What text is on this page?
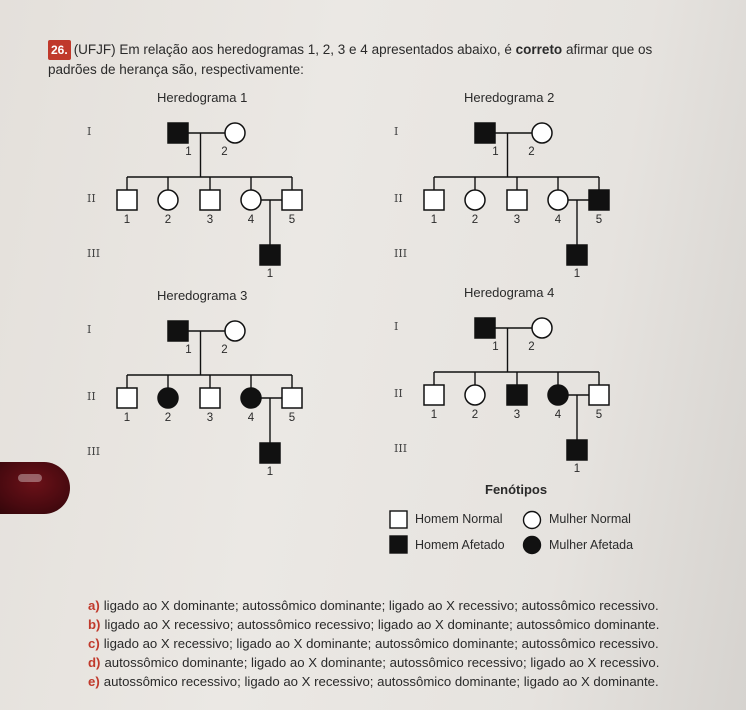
26. (UFJF) Em relação aos heredogramas 1, 2, 3 e 4 apresentados abaixo, é correto afirmar que os
padrões de herança são, respectivamente:
Heredograma 1
I
II
III
1	2
1	2	3	4	5
1
Heredograma 2
I
II
III
1	2
1	2	3	4	5
1
Heredograma 3
I
II
III
1	2
1	2	3	4	5
1
Heredograma 4
I
II
III
1	2
1	2	3	4	5
1
Fenótipos
Homem Normal	Mulher Normal
Homem Afetado	Mulher Afetada
a) ligado ao X dominante; autossômico dominante; ligado ao X recessivo; autossômico recessivo.
b) ligado ao X recessivo; autossômico recessivo; ligado ao X dominante; autossômico dominante.
c) ligado ao X recessivo; ligado ao X dominante; autossômico dominante; autossômico recessivo.
d) autossômico dominante; ligado ao X dominante; autossômico recessivo; ligado ao X recessivo.
e) autossômico recessivo; ligado ao X recessivo; autossômico dominante; ligado ao X dominante.
